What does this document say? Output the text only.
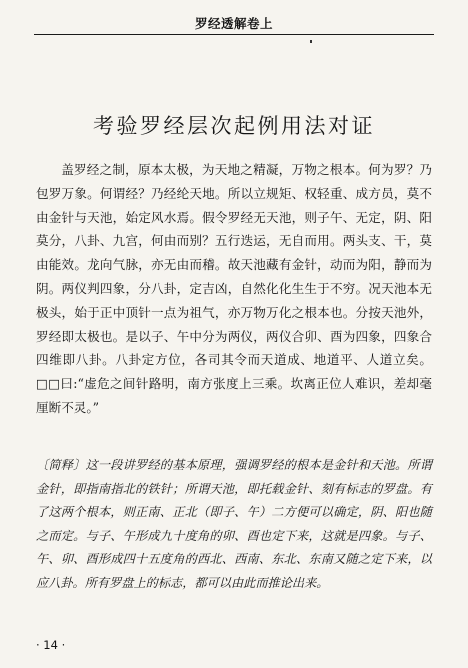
罗经透解卷上
考验罗经层次起例用法对证

盖罗经之制，原本太极，为天地之精凝，万物之根本。何为罗？乃包罗万象。何谓经？乃经纶天地。所以立规矩、权轻重、成方员，莫不由金针与天池，始定风水焉。假令罗经无天池，则子午、无定，阴、阳莫分，八卦、九宫，何由而别？五行迭运，无自而用。两头支、干，莫由能效。龙向气脉，亦无由而稽。故天池藏有金针，动而为阳，静而为阴。两仪判四象，分八卦，定吉凶，自然化化生生于不穷。况天池本无极头，始于正中顶针一点为祖气，亦万物万化之根本也。分按天池外，罗经即太极也。是以子、午中分为两仪，两仪合卯、酉为四象，四象合四维即八卦。八卦定方位，各司其令而天道成、地道平、人道立矣。□□曰:“虚危之间针路明，南方张度上三乘。坎离正位人难识，差却毫厘断不灵。”

〔简释〕这一段讲罗经的基本原理，强调罗经的根本是金针和天池。所谓金针，即指南指北的铁针；所谓天池，即托载金针、刻有标志的罗盘。有了这两个根本，则正南、正北（即子、午）二方便可以确定，阴、阳也随之而定。与子、午形成九十度角的卯、酉也定下来，这就是四象。与子、午、卯、酉形成四十五度角的西北、西南、东北、东南又随之定下来，以应八卦。所有罗盘上的标志，都可以由此而推论出来。

· 14 ·
